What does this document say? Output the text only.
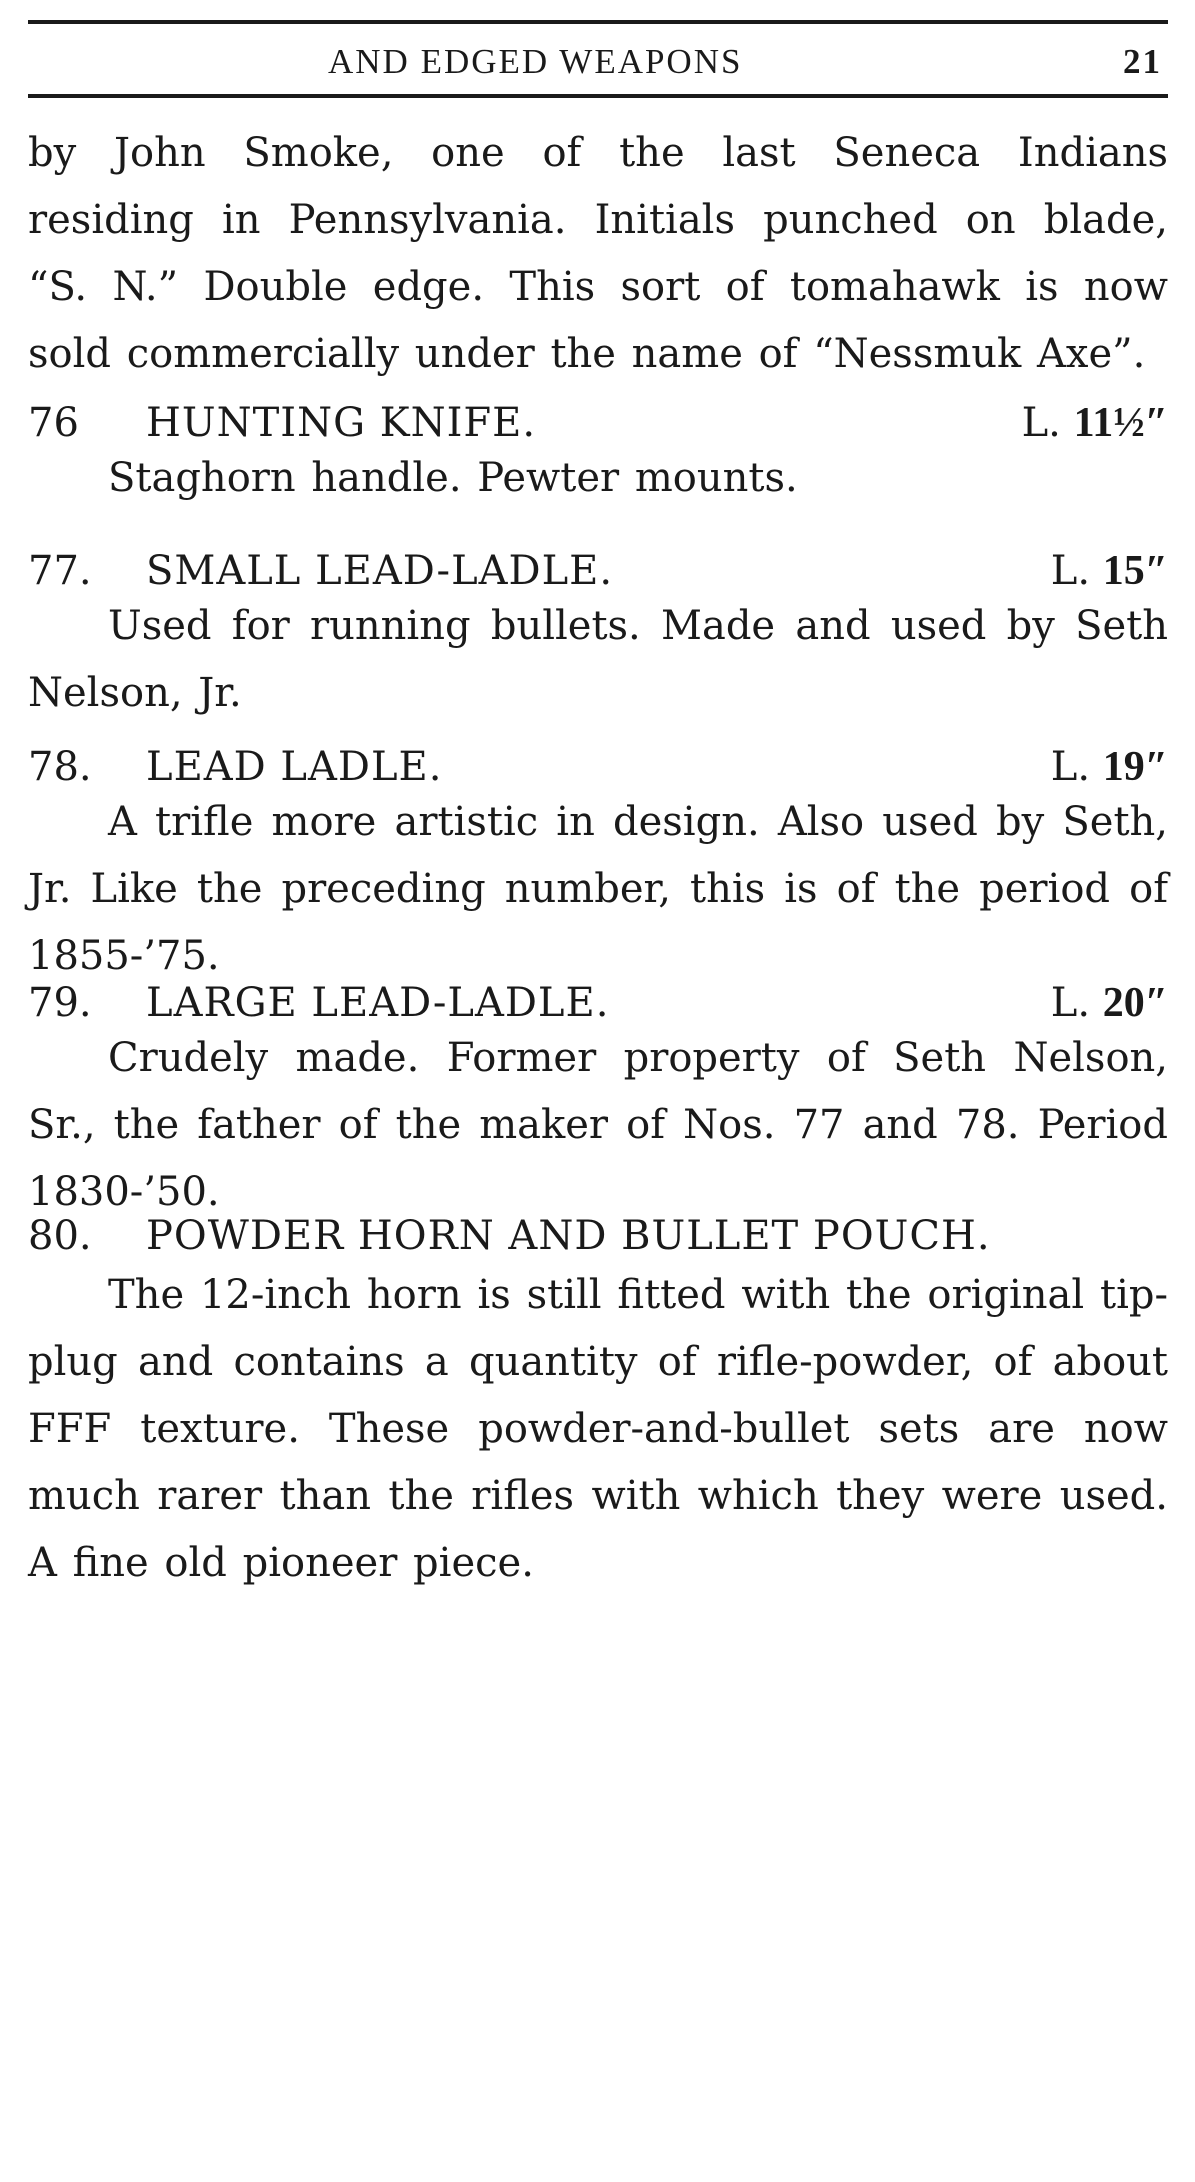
AND EDGED WEAPONS	21

by John Smoke, one of the last Seneca Indians residing in Pennsylvania. Initials punched on blade, “S. N.” Double edge. This sort of tomahawk is now sold commercially under the name of “Nessmuk Axe”.

76 HUNTING KNIFE.	L. 11½″

Staghorn handle. Pewter mounts.

77. SMALL LEAD-LADLE.	L. 15″

Used for running bullets. Made and used by Seth Nelson, Jr.

78. LEAD LADLE.	L. 19″

A trifle more artistic in design. Also used by Seth, Jr. Like the preceding number, this is of the period of 1855-’75.

79. LARGE LEAD-LADLE.	L. 20″

Crudely made. Former property of Seth Nelson, Sr., the father of the maker of Nos. 77 and 78. Period 1830-’50.

80. POWDER HORN AND BULLET POUCH.

The 12-inch horn is still fitted with the original tip-plug and contains a quantity of rifle-powder, of about FFF texture. These powder-and-bullet sets are now much rarer than the rifles with which they were used. A fine old pioneer piece.
